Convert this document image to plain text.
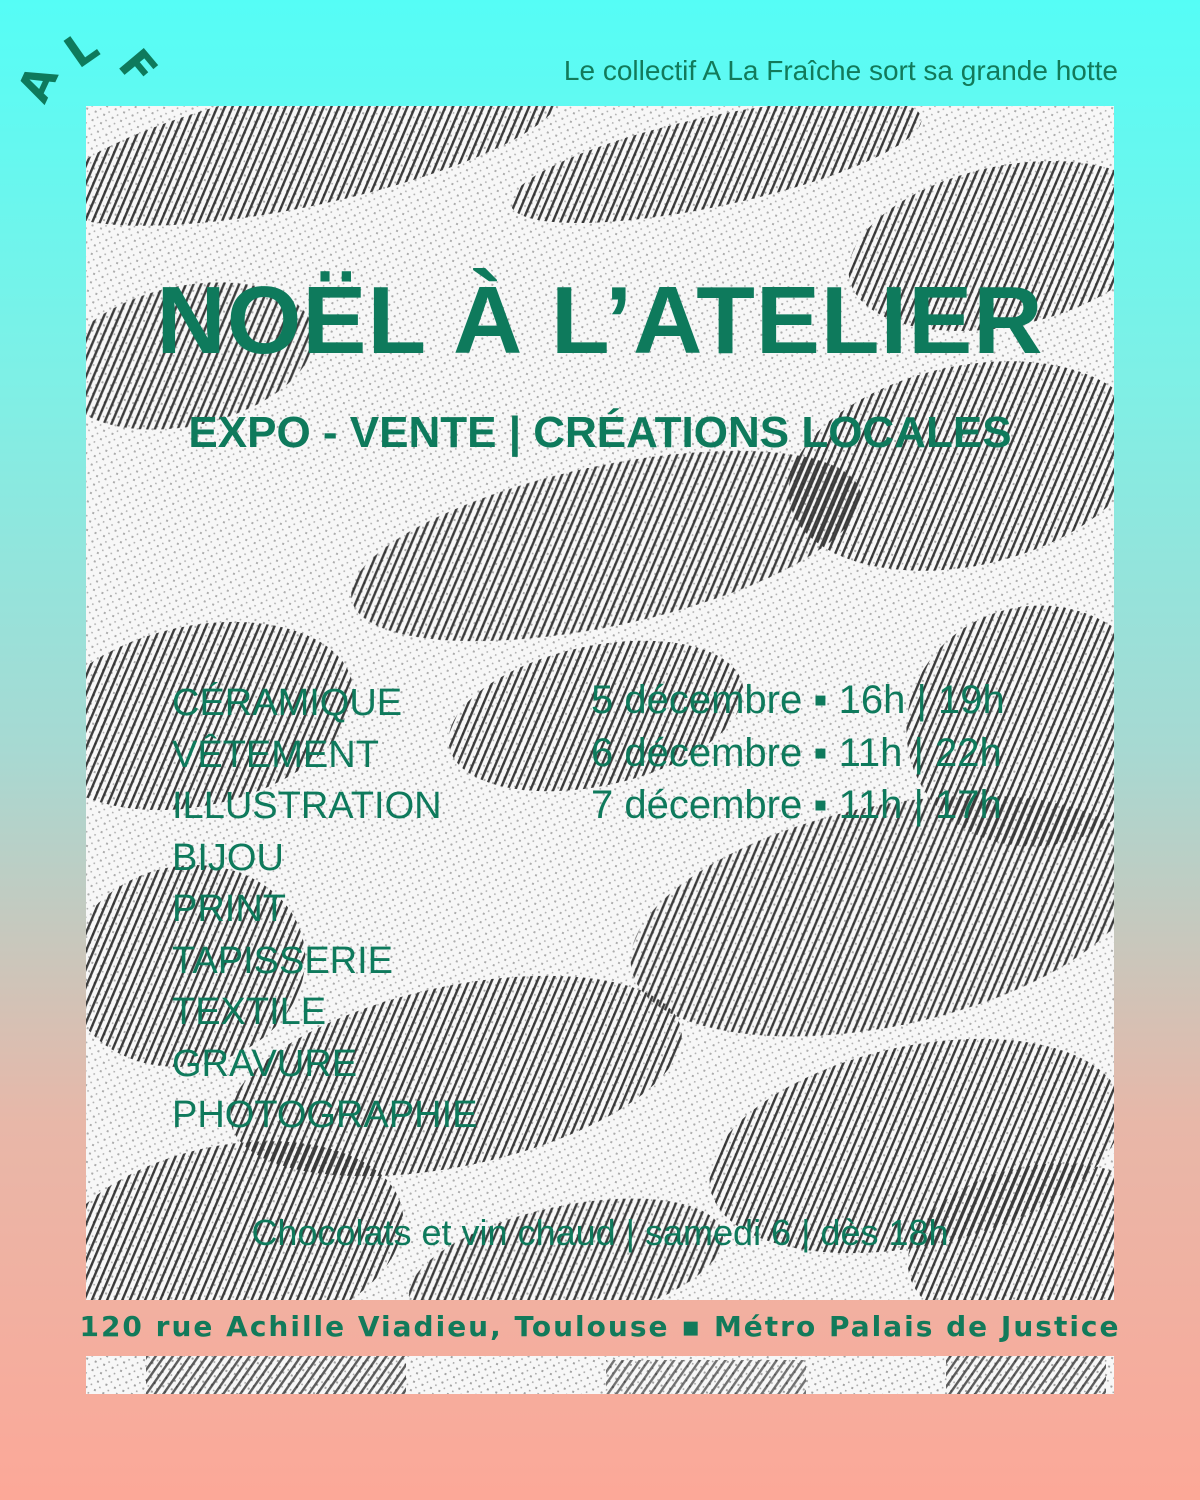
A
L F	Le collectif A La Fraîche sort sa grande hotte
NOËL À L’ATELIER
EXPO - VENTE | CRÉATIONS LOCALES
CÉRAMIQUE
VÊTEMENT
ILLUSTRATION
BIJOU
PRINT
TAPISSERIE
TEXTILE
GRAVURE
PHOTOGRAPHIE
5 décembre ▪ 16h | 19h
6 décembre ▪ 11h | 22h
7 décembre ▪ 11h | 17h
Chocolats et vin chaud | samedi 6 | dès 18h
120 rue Achille Viadieu, Toulouse ▪ Métro Palais de Justice
